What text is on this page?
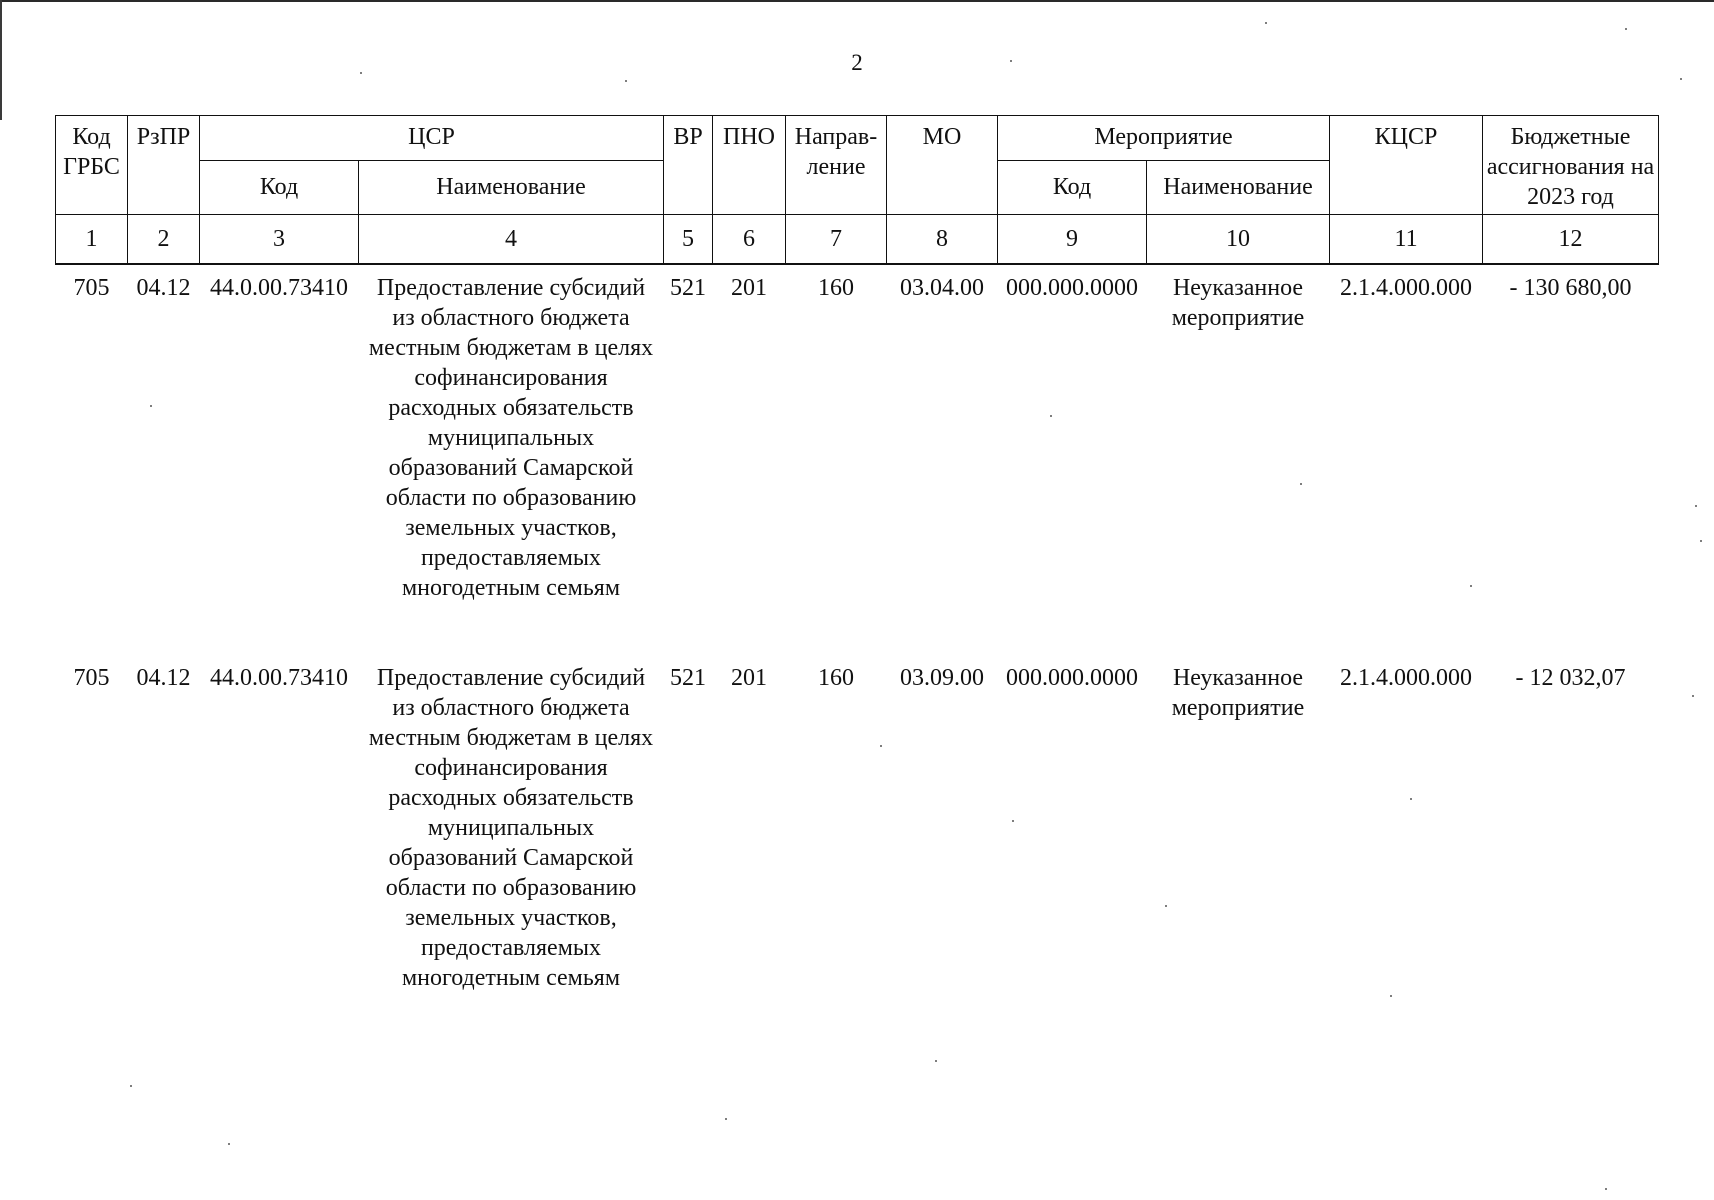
2
Код ГРБС	РзПР	ЦСР		ВР	ПНО	Направ-ление	МО	Мероприятие		КЦСР	Бюджетные ассигнования на 2023 год
		Код	Наименование					Код	Наименование		
1	2	3	4	5	6	7	8	9	10	11	12
705	04.12	44.0.00.73410	Предоставление субсидий из областного бюджета местным бюджетам в целях софинансирования расходных обязательств муниципальных образований Самарской области по образованию земельных участков, предоставляемых многодетным семьям	521	201	160	03.04.00	000.000.0000	Неуказанное мероприятие	2.1.4.000.000	- 130 680,00
705	04.12	44.0.00.73410	Предоставление субсидий из областного бюджета местным бюджетам в целях софинансирования расходных обязательств муниципальных образований Самарской области по образованию земельных участков, предоставляемых многодетным семьям	521	201	160	03.09.00	000.000.0000	Неуказанное мероприятие	2.1.4.000.000	- 12 032,07
